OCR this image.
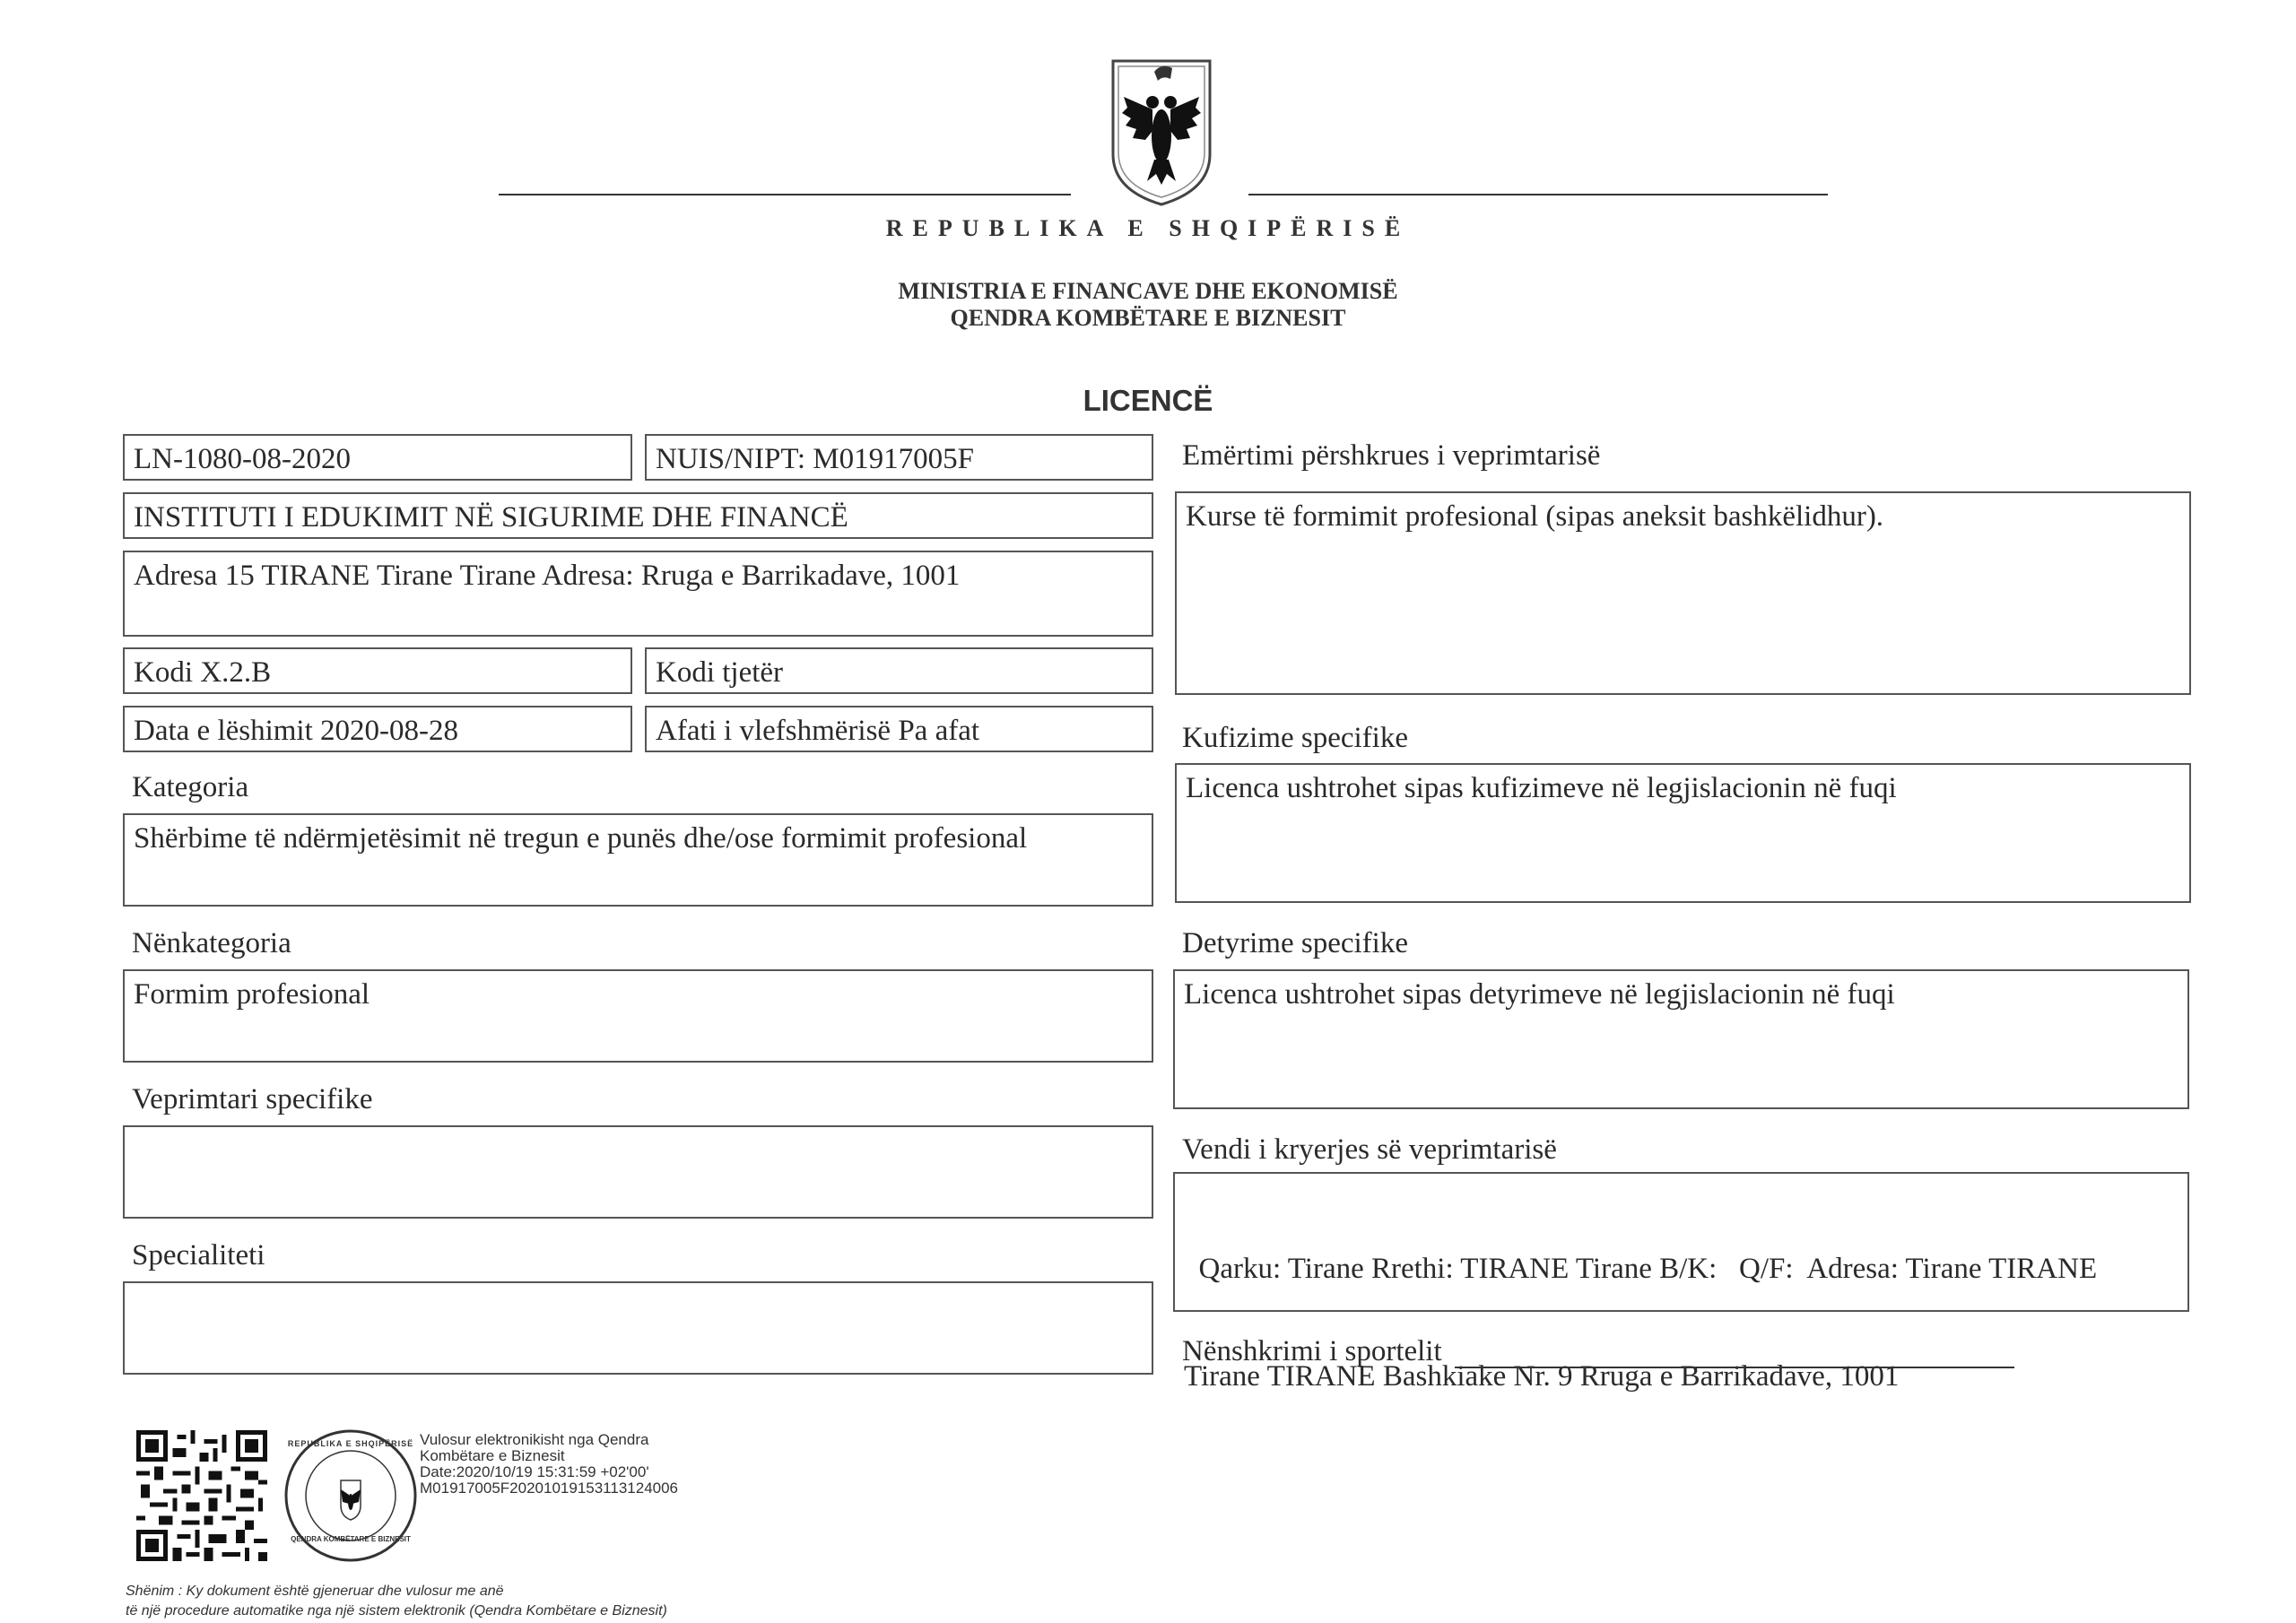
REPUBLIKA E SHQIPËRISË
MINISTRIA E FINANCAVE DHE EKONOMISË
QENDRA KOMBËTARE E BIZNESIT
LICENCË
LN-1080-08-2020	NUIS/NIPT: M01917005F
INSTITUTI I EDUKIMIT NË SIGURIME DHE FINANCË
Adresa 15 TIRANE Tirane Tirane Adresa: Rruga e Barrikadave, 1001
Kodi X.2.B	Kodi tjetër
Data e lëshimit 2020-08-28	Afati i vlefshmërisë Pa afat
Kategoria
Shërbime të ndërmjetësimit në tregun e punës dhe/ose formimit profesional
Nënkategoria
Formim profesional
Veprimtari specifike
Specialiteti
Emërtimi përshkrues i veprimtarisë
Kurse të formimit profesional (sipas aneksit bashkëlidhur).
Kufizime specifike
Licenca ushtrohet sipas kufizimeve në legjislacionin në fuqi
Detyrime specifike
Licenca ushtrohet sipas detyrimeve në legjislacionin në fuqi
Vendi i kryerjes së veprimtarisë

Qarku: Tirane Rrethi: TIRANE Tirane B/K:   Q/F:  Adresa: Tirane TIRANE

Tirane TIRANE Bashkiake Nr. 9 Rruga e Barrikadave, 1001

Nënshkrimi i sportelit
REPUBLIKA E SHQIPËRISË
QENDRA KOMBËTARE E BIZNESIT
Vulosur elektronikisht nga Qendra
Kombëtare e Biznesit
Date:2020/10/19 15:31:59 +02'00'
M01917005F20201019153113124006
Shënim : Ky dokument është gjeneruar dhe vulosur me anë
të një procedure automatike nga një sistem elektronik (Qendra Kombëtare e Biznesit)
